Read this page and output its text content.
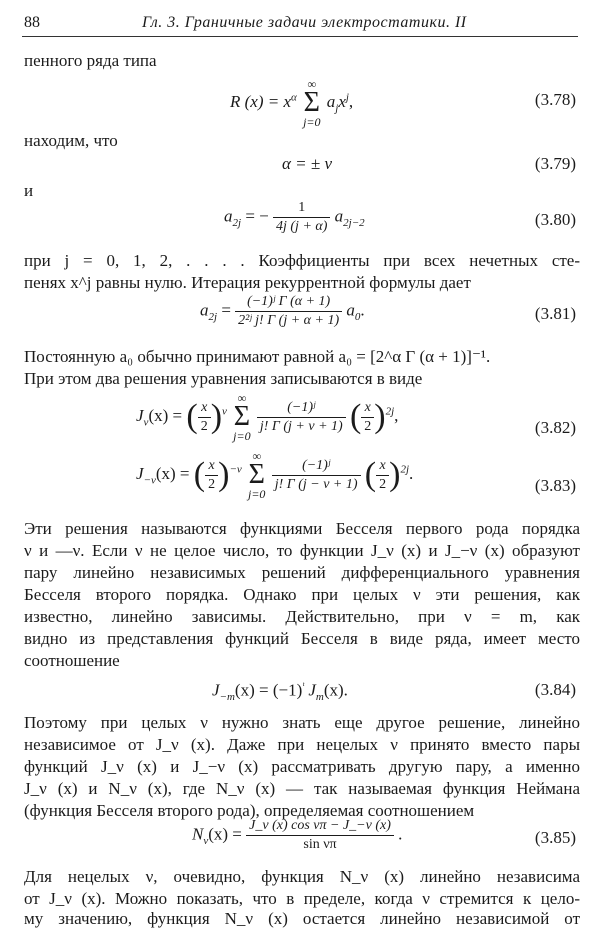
88	Гл. 3. Граничные задачи электростатики. II
пенного ряда типа
R $(x) = x^\alpha$
∞
Σ
j=0
$a_jx^j$,	(3.78)
находим, что
α = ± ν	(3.79)
и
$a_{2j}$ = − $\frac{1}{4j (j + \alpha)} a_{2j-2}$	(3.80)
при j = 0, 1, 2, . . . . Коэффициенты при всех нечетных сте-
пенях x^j равны нулю. Итерация рекуррентной формулы дает
$a_{2j} = \frac{\text{(−1)ʲ Γ (α + 1)}}{\text{2²ʲ j! Γ (j + α + 1)}} a_0$.	(3.81)
Постоянную a₀ обычно принимают равной a₀ = [2^α Γ (α + 1)]⁻¹.
При этом два решения уравнения записываются в виде
$J_\nu(x)$ = ( $\frac{x}{2} )^\nu$
∞
Σ
j=0

$\frac{\text{(−1)ʲ}}{j! \Gamma (j + \nu + 1)}$ ( $\frac{x}{2} )^{2j}$,
(3.82)
$J_{-\nu}(x)$ = ( $\frac{x}{2} )^{-\nu}$
∞
Σ
j=0

$\frac{\text{(−1)ʲ}}{j! \Gamma (j - \nu + 1)}$ ( $\frac{x}{2} )^{2j}$.
(3.83)
Эти решения называются функциями Бесселя первого рода порядка
ν и —ν. Если ν не целое число, то функции J_ν (x) и J_−ν (x) образуют
пару линейно независимых решений дифференциального уравнения
Бесселя второго порядка. Однако при целых ν эти решения, как
известно, линейно зависимы. Действительно, при ν = m, как
видно из представления функций Бесселя в виде ряда, имеет место
соотношение
$J_{-m}(x) = (-1)^ᵗ$ $J_m(x)$.	(3.84)
Поэтому при целых ν нужно знать еще другое решение, линейно
независимое от J_ν (x). Даже при нецелых ν принято вместо пары
функций J_ν (x) и J_−ν (x) рассматривать другую пару, а именно
J_ν (x) и N_ν (x), где N_ν (x) — так называемая функция Неймана
(функция Бесселя второго рода), определяемая соотношением
$N_\nu(x) = \frac{\text{J\_ν (x) cos νπ − J\_−ν (x)}}{\text{sin νπ}}$ .	(3.85)
Для нецелых ν, очевидно, функция N_ν (x) линейно независима
от J_ν (x). Можно показать, что в пределе, когда ν стремится к цело-
му значению, функция N_ν (x) остается линейно независимой от
